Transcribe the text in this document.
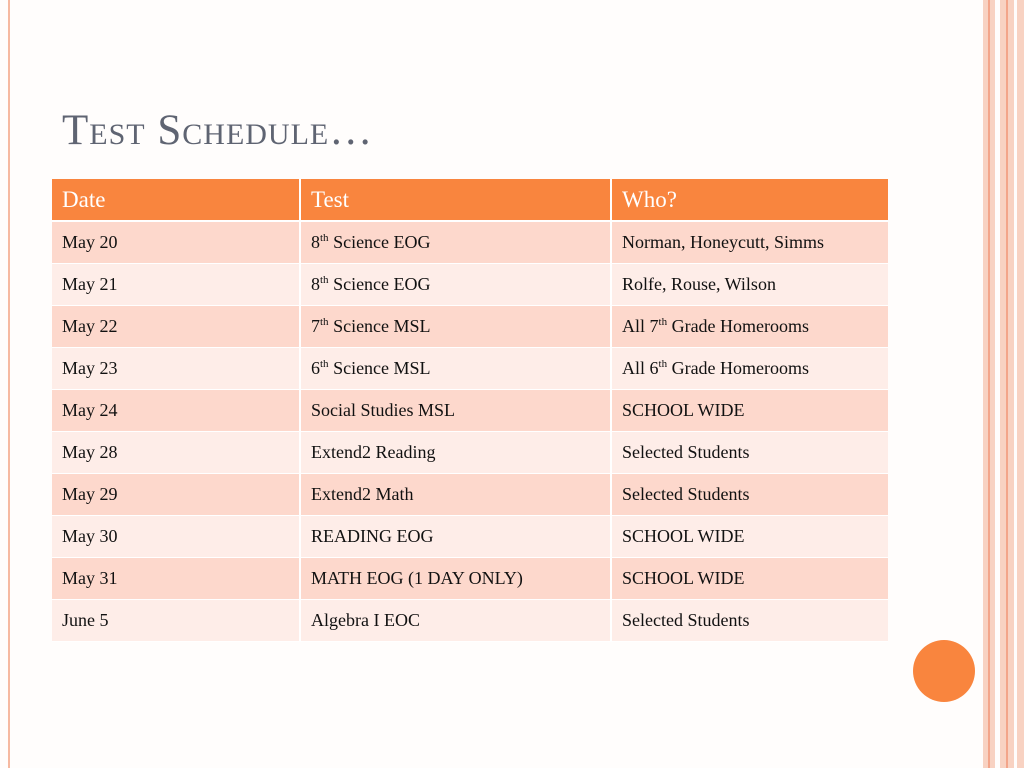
Test Schedule…
Date	Test	Who?
May 20	8th Science EOG	Norman, Honeycutt, Simms
May 21	8th Science EOG	Rolfe, Rouse, Wilson
May 22	7th Science MSL	All 7th Grade Homerooms
May 23	6th Science MSL	All 6th Grade Homerooms
May 24	Social Studies MSL	SCHOOL WIDE
May 28	Extend2 Reading	Selected Students
May 29	Extend2 Math	Selected Students
May 30	READING EOG	SCHOOL WIDE
May 31	MATH EOG (1 DAY ONLY)	SCHOOL WIDE
June 5	Algebra I EOC	Selected Students
